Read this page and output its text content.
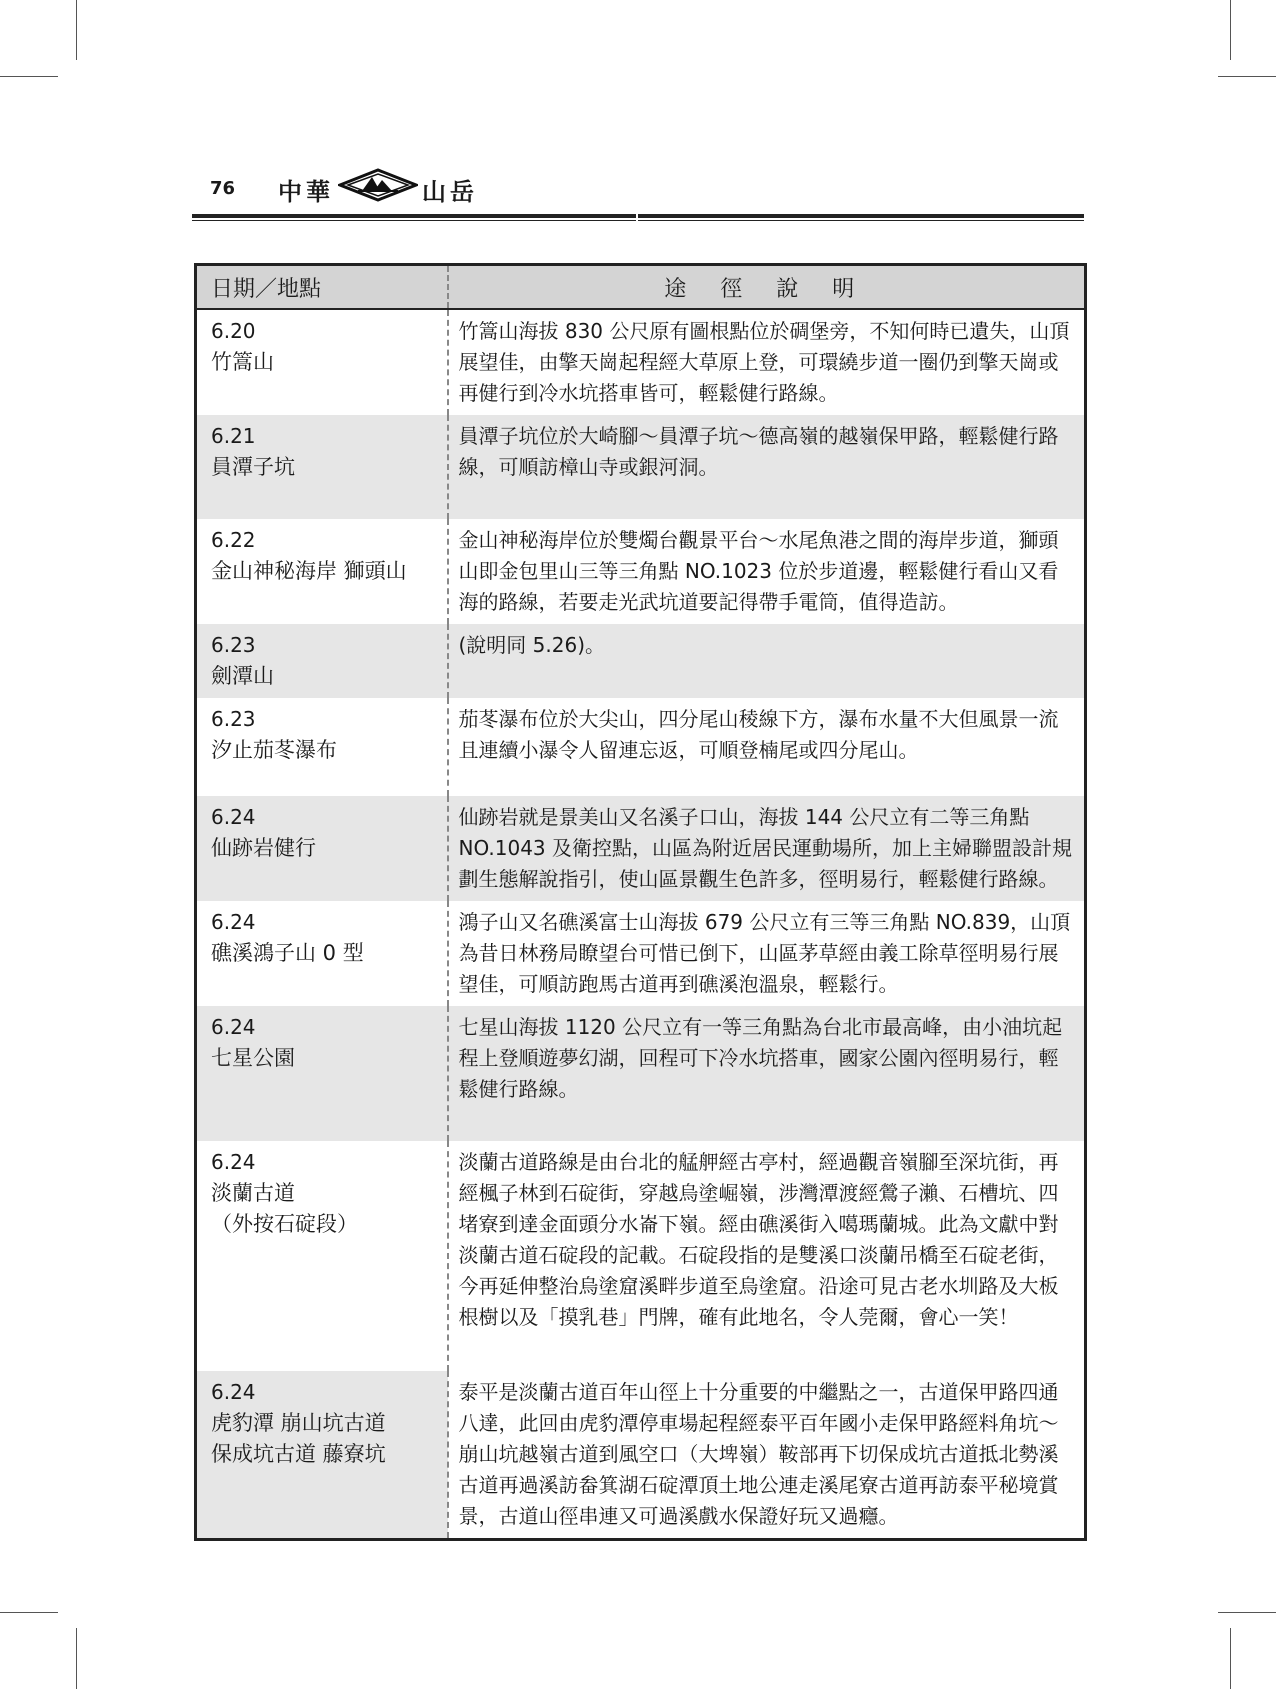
76 中華	山岳
日期／地點	途徑說明

6.20
竹篙山	竹篙山海拔 830 公尺原有圖根點位於碉堡旁，不知何時已遺失，山頂展望佳，由擎天崗起程經大草原上登，可環繞步道一圈仍到擎天崗或再健行到冷水坑搭車皆可，輕鬆健行路線。

6.21
員潭子坑	員潭子坑位於大崎腳～員潭子坑～德高嶺的越嶺保甲路，輕鬆健行路線，可順訪樟山寺或銀河洞。

6.22
金山神秘海岸 獅頭山	金山神秘海岸位於雙燭台觀景平台～水尾魚港之間的海岸步道，獅頭山即金包里山三等三角點 NO.1023 位於步道邊，輕鬆健行看山又看海的路線，若要走光武坑道要記得帶手電筒，值得造訪。

6.23
劍潭山	(說明同 5.26)。

6.23
汐止茄苳瀑布	茄苳瀑布位於大尖山，四分尾山稜線下方，瀑布水量不大但風景一流且連續小瀑令人留連忘返，可順登楠尾或四分尾山。

6.24
仙跡岩健行	仙跡岩就是景美山又名溪子口山，海拔 144 公尺立有二等三角點 NO.1043 及衛控點，山區為附近居民運動場所，加上主婦聯盟設計規劃生態解說指引，使山區景觀生色許多，徑明易行，輕鬆健行路線。

6.24
礁溪鴻子山 0 型	鴻子山又名礁溪富士山海拔 679 公尺立有三等三角點 NO.839，山頂為昔日林務局瞭望台可惜已倒下，山區茅草經由義工除草徑明易行展望佳，可順訪跑馬古道再到礁溪泡溫泉，輕鬆行。

6.24
七星公園	七星山海拔 1120 公尺立有一等三角點為台北市最高峰，由小油坑起程上登順遊夢幻湖，回程可下冷水坑搭車，國家公園內徑明易行，輕鬆健行路線。

6.24
淡蘭古道
（外按石碇段）	淡蘭古道路線是由台北的艋舺經古亭村，經過觀音嶺腳至深坑街，再經楓子林到石碇街，穿越烏塗崛嶺，涉灣潭渡經鶯子瀨、石槽坑、四堵寮到達金面頭分水崙下嶺。經由礁溪街入噶瑪蘭城。此為文獻中對淡蘭古道石碇段的記載。石碇段指的是雙溪口淡蘭吊橋至石碇老街，今再延伸整治烏塗窟溪畔步道至烏塗窟。沿途可見古老水圳路及大板根樹以及「摸乳巷」門牌，確有此地名，令人莞爾，會心一笑！

6.24
虎豹潭 崩山坑古道
保成坑古道 藤寮坑	泰平是淡蘭古道百年山徑上十分重要的中繼點之一，古道保甲路四通八達，此回由虎豹潭停車場起程經泰平百年國小走保甲路經料角坑～崩山坑越嶺古道到風空口（大埤嶺）鞍部再下切保成坑古道抵北勢溪古道再過溪訪畚箕湖石碇潭頂土地公連走溪尾寮古道再訪泰平秘境賞景，古道山徑串連又可過溪戲水保證好玩又過癮。
